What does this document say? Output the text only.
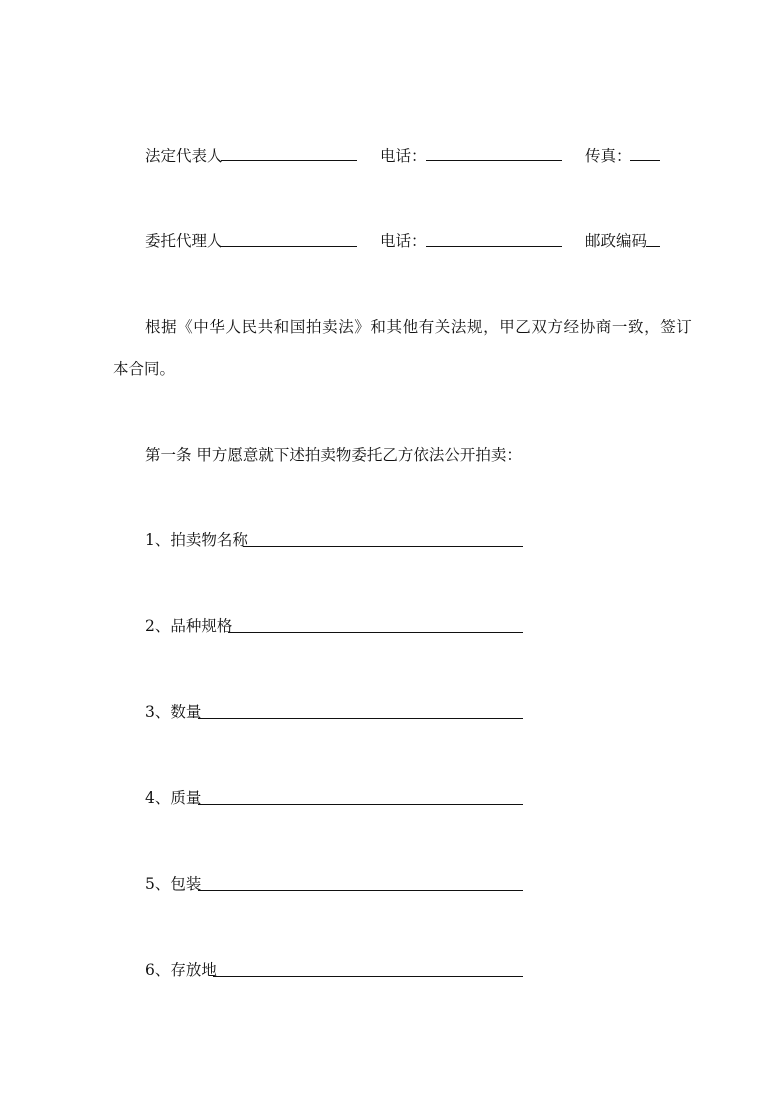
法定代表人	电话：	传真：
委托代理人	电话：	邮政编码
根据《中华人民共和国拍卖法》和其他有关法规，甲乙双方经协商一致，签订
本合同。
第一条 甲方愿意就下述拍卖物委托乙方依法公开拍卖：
1、拍卖物名称
2、品种规格
3、数量
4、质量
5、包装
6、存放地
